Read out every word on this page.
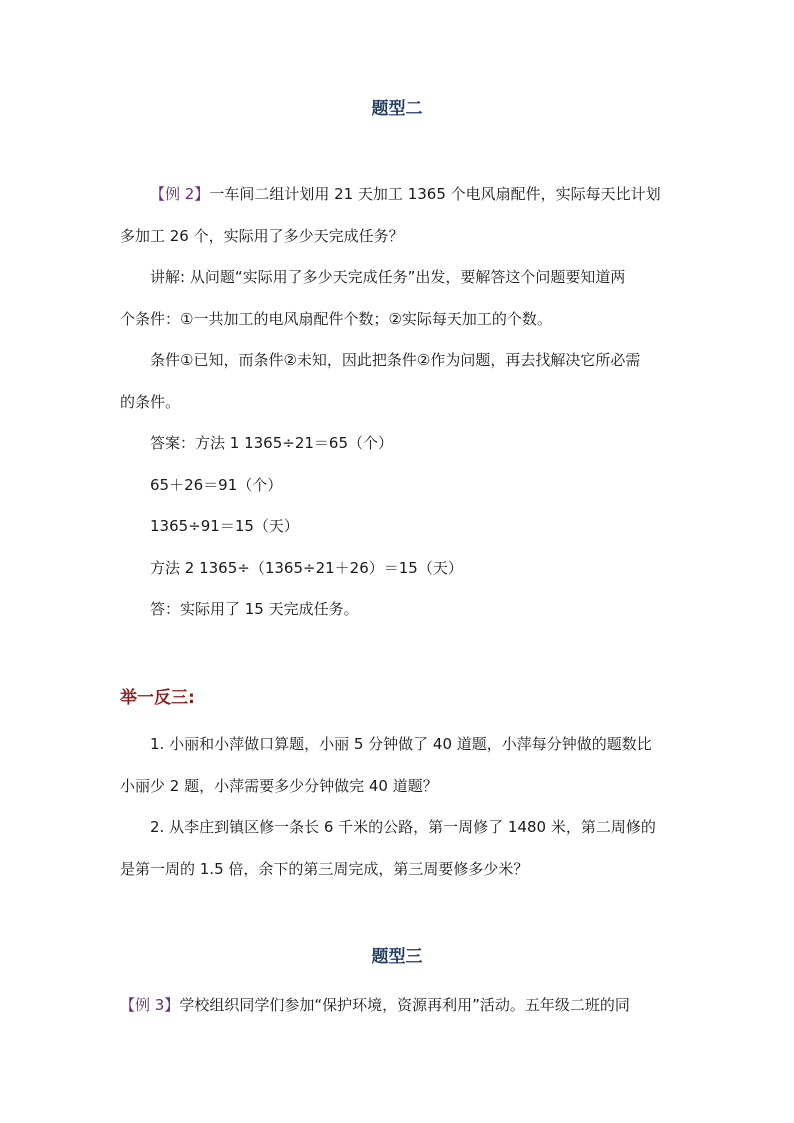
题型二
【例 2】一车间二组计划用 21 天加工 1365 个电风扇配件，实际每天比计划
多加工 26 个，实际用了多少天完成任务？
讲解: 从问题“实际用了多少天完成任务”出发，要解答这个问题要知道两
个条件：①一共加工的电风扇配件个数；②实际每天加工的个数。
条件①已知，而条件②未知，因此把条件②作为问题，再去找解决它所必需
的条件。
答案：方法 1 1365÷21＝65（个）
65＋26＝91（个）
1365÷91＝15（天）
方法 2 1365÷（1365÷21＋26）＝15（天）
答：实际用了 15 天完成任务。
举一反三:
1. 小丽和小萍做口算题，小丽 5 分钟做了 40 道题，小萍每分钟做的题数比
小丽少 2 题，小萍需要多少分钟做完 40 道题？
2. 从李庄到镇区修一条长 6 千米的公路，第一周修了 1480 米，第二周修的
是第一周的 1.5 倍，余下的第三周完成，第三周要修多少米？
题型三
【例 3】学校组织同学们参加“保护环境，资源再利用”活动。五年级二班的同
